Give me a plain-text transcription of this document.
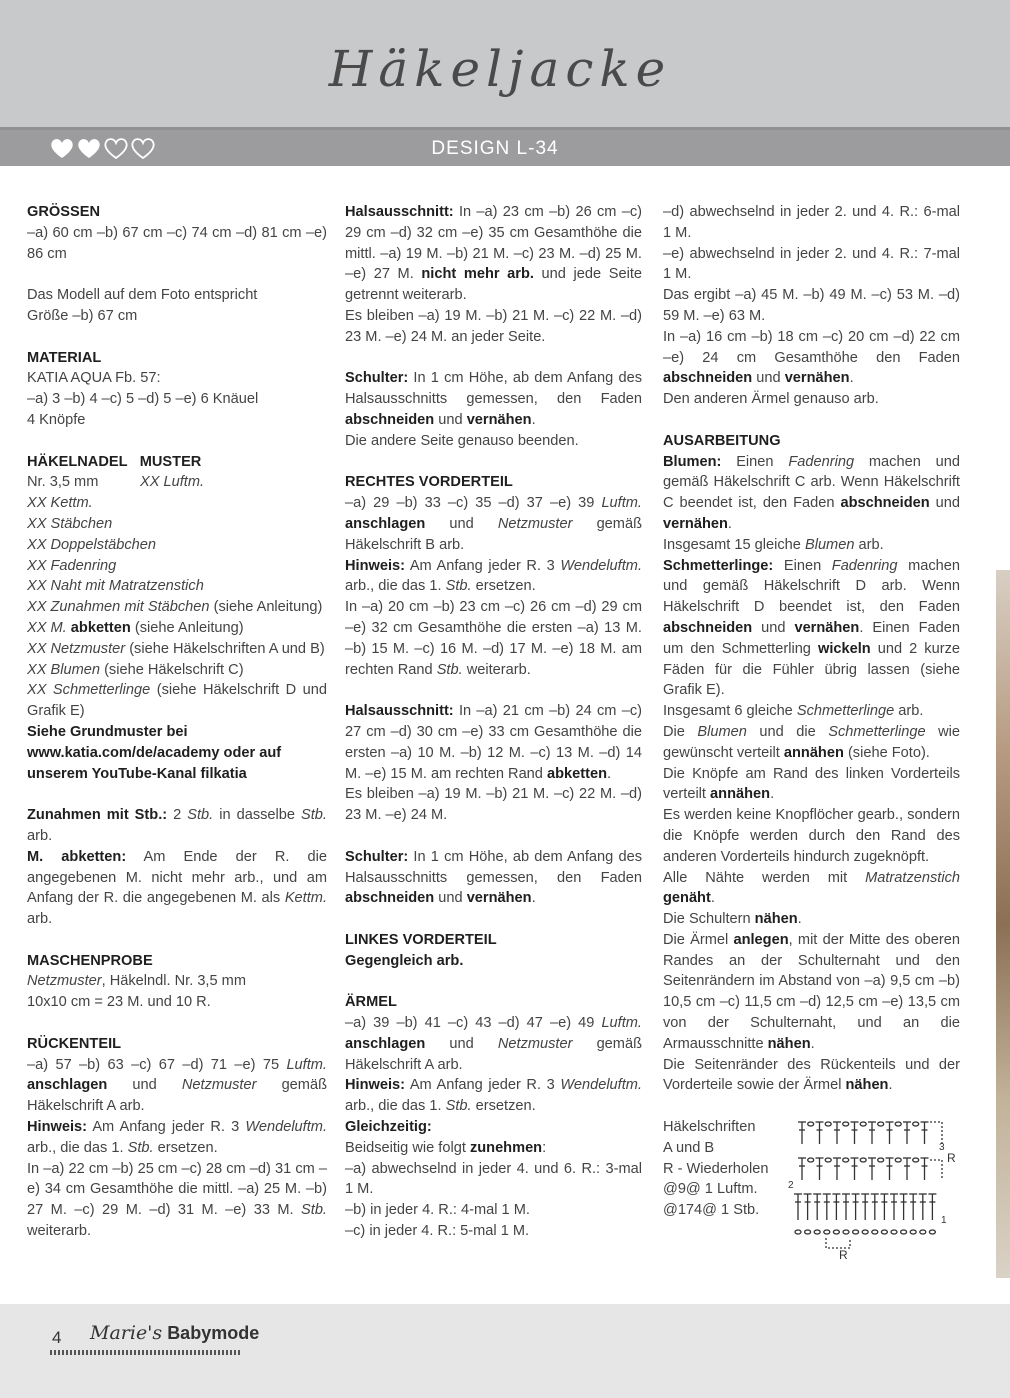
Häkeljacke
DESIGN L-34

GRÖSSEN

–a) 60 cm –b) 67 cm –c) 74 cm –d) 81 cm –e) 86 cm

Das Modell auf dem Foto entspricht
Größe –b) 67 cm

MATERIAL

KATIA AQUA Fb. 57:

–a) 3 –b) 4 –c) 5 –d) 5 –e) 6 Knäuel

4 Knöpfe

HÄKELNADEL MUSTER

Nr. 3,5 mm	XX Luftm.

XX Kettm.

XX Stäbchen

XX Doppelstäbchen

XX Fadenring

XX Naht mit Matratzenstich

XX Zunahmen mit Stäbchen (siehe Anleitung)

XX M. abketten (siehe Anleitung)

XX Netzmuster (siehe Häkelschriften A und B)

XX Blumen (siehe Häkelschrift C)

XX Schmetterlinge (siehe Häkelschrift D und Grafik E)

Siehe Grundmuster bei www.katia.com/de/academy oder auf unserem YouTube-Kanal filkatia

Zunahmen mit Stb.: 2 Stb. in dasselbe Stb. arb.

M. abketten: Am Ende der R. die angegebenen M. nicht mehr arb., und am Anfang der R. die angegebenen M. als Kettm. arb.

MASCHENPROBE

Netzmuster, Häkelndl. Nr. 3,5 mm

10x10 cm = 23 M. und 10 R.

RÜCKENTEIL

–a) 57 –b) 63 –c) 67 –d) 71 –e) 75 Luftm. anschlagen und Netzmuster gemäß Häkelschrift A arb.

Hinweis: Am Anfang jeder R. 3 Wendeluftm. arb., die das 1. Stb. ersetzen.

In –a) 22 cm –b) 25 cm –c) 28 cm –d) 31 cm –e) 34 cm Gesamthöhe die mittl. –a) 25 M. –b) 27 M. –c) 29 M. –d) 31 M. –e) 33 M. Stb. weiterarb.

Halsausschnitt: In –a) 23 cm –b) 26 cm –c) 29 cm –d) 32 cm –e) 35 cm Gesamthöhe die mittl. –a) 19 M. –b) 21 M. –c) 23 M. –d) 25 M. –e) 27 M. nicht mehr arb. und jede Seite getrennt weiterarb.

Es bleiben –a) 19 M. –b) 21 M. –c) 22 M. –d) 23 M. –e) 24 M. an jeder Seite.

Schulter: In 1 cm Höhe, ab dem Anfang des Halsausschnitts gemessen, den Faden abschneiden und vernähen.

Die andere Seite genauso beenden.

RECHTES VORDERTEIL

–a) 29 –b) 33 –c) 35 –d) 37 –e) 39 Luftm. anschlagen und Netzmuster gemäß Häkelschrift B arb.

Hinweis: Am Anfang jeder R. 3 Wendeluftm. arb., die das 1. Stb. ersetzen.

In –a) 20 cm –b) 23 cm –c) 26 cm –d) 29 cm –e) 32 cm Gesamthöhe die ersten –a) 13 M. –b) 15 M. –c) 16 M. –d) 17 M. –e) 18 M. am rechten Rand Stb. weiterarb.

Halsausschnitt: In –a) 21 cm –b) 24 cm –c) 27 cm –d) 30 cm –e) 33 cm Gesamthöhe die ersten –a) 10 M. –b) 12 M. –c) 13 M. –d) 14 M. –e) 15 M. am rechten Rand abketten.

Es bleiben –a) 19 M. –b) 21 M. –c) 22 M. –d) 23 M. –e) 24 M.

Schulter: In 1 cm Höhe, ab dem Anfang des Halsausschnitts gemessen, den Faden abschneiden und vernähen.

LINKES VORDERTEIL

Gegengleich arb.

ÄRMEL

–a) 39 –b) 41 –c) 43 –d) 47 –e) 49 Luftm. anschlagen und Netzmuster gemäß Häkelschrift A arb.

Hinweis: Am Anfang jeder R. 3 Wendeluftm. arb., die das 1. Stb. ersetzen.

Gleichzeitig:

Beidseitig wie folgt zunehmen:

–a) abwechselnd in jeder 4. und 6. R.: 3-mal 1 M.

–b) in jeder 4. R.: 4-mal 1 M.

–c) in jeder 4. R.: 5-mal 1 M.

–d) abwechselnd in jeder 2. und 4. R.: 6-mal 1 M.

–e) abwechselnd in jeder 2. und 4. R.: 7-mal 1 M.

Das ergibt –a) 45 M. –b) 49 M. –c) 53 M. –d) 59 M. –e) 63 M.

In –a) 16 cm –b) 18 cm –c) 20 cm –d) 22 cm –e) 24 cm Gesamthöhe den Faden abschneiden und vernähen.

Den anderen Ärmel genauso arb.

AUSARBEITUNG

Blumen: Einen Fadenring machen und gemäß Häkelschrift C arb. Wenn Häkelschrift C beendet ist, den Faden abschneiden und vernähen.

Insgesamt 15 gleiche Blumen arb.

Schmetterlinge: Einen Fadenring machen und gemäß Häkelschrift D arb. Wenn Häkelschrift D beendet ist, den Faden abschneiden und vernähen. Einen Faden um den Schmetterling wickeln und 2 kurze Fäden für die Fühler übrig lassen (siehe Grafik E).

Insgesamt 6 gleiche Schmetterlinge arb.

Die Blumen und die Schmetterlinge wie gewünscht verteilt annähen (siehe Foto).

Die Knöpfe am Rand des linken Vorderteils verteilt annähen.

Es werden keine Knopflöcher gearb., sondern die Knöpfe werden durch den Rand des anderen Vorderteils hindurch zugeknöpft.

Alle Nähte werden mit Matratzenstich genäht.

Die Schultern nähen.

Die Ärmel anlegen, mit der Mitte des oberen Randes an der Schulternaht und den Seitenrändern im Abstand von –a) 9,5 cm –b) 10,5 cm –c) 11,5 cm –d) 12,5 cm –e) 13,5 cm von der Schulternaht, und an die Armausschnitte nähen.

Die Seitenränder des Rückenteils und der Vorderteile sowie der Ärmel nähen.

Häkelschriften
A und B

R - Wiederholen

@9@ 1 Luftm.

@174@ 1 Stb.

3
R
2
1
R
4 Marie's Babymode
